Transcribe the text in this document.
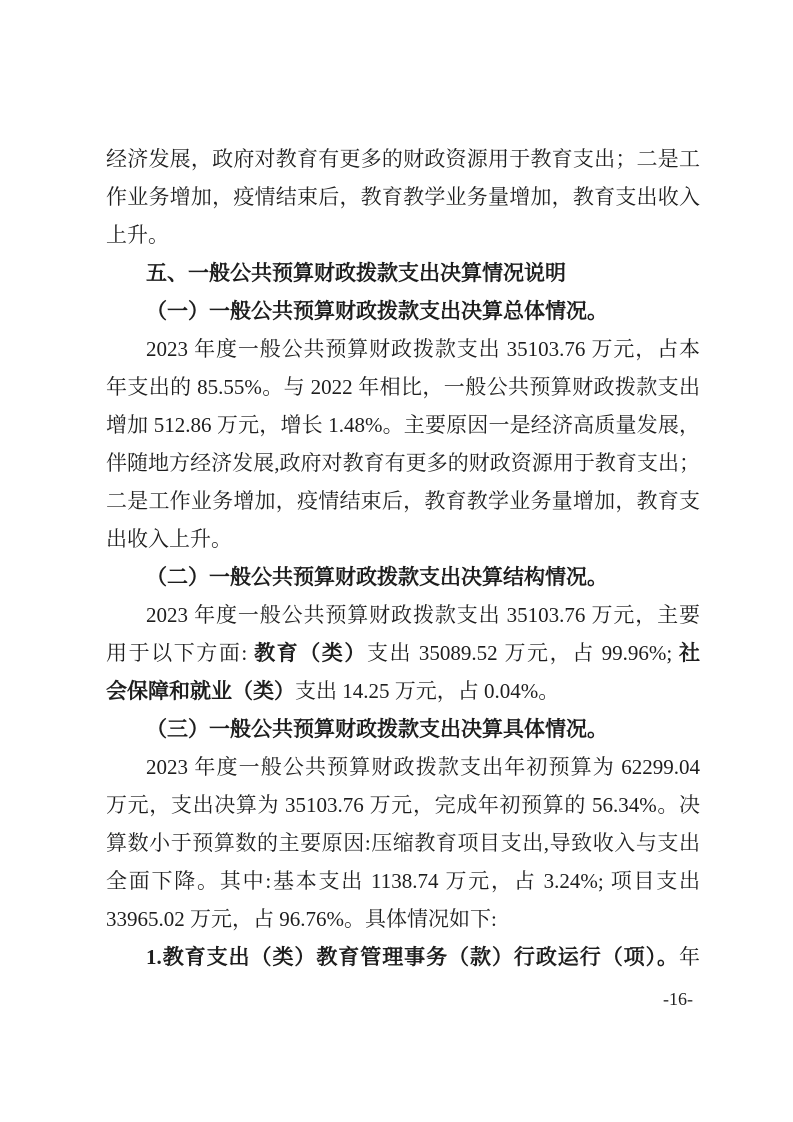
经济发展，政府对教育有更多的财政资源用于教育支出；二是工
作业务增加，疫情结束后，教育教学业务量增加，教育支出收入
上升。
五、一般公共预算财政拨款支出决算情况说明
（一）一般公共预算财政拨款支出决算总体情况。
2023 年度一般公共预算财政拨款支出 35103.76 万元，占本
年支出的 85.55%。与 2022 年相比，一般公共预算财政拨款支出
增加 512.86 万元，增长 1.48%。主要原因一是经济高质量发展，
伴随地方经济发展,政府对教育有更多的财政资源用于教育支出；
二是工作业务增加，疫情结束后，教育教学业务量增加，教育支
出收入上升。
（二）一般公共预算财政拨款支出决算结构情况。
2023 年度一般公共预算财政拨款支出 35103.76 万元，主要
用于以下方面: 教育（类）支出 35089.52 万元，占 99.96%; 社
会保障和就业（类）支出 14.25 万元，占 0.04%。
（三）一般公共预算财政拨款支出决算具体情况。
2023 年度一般公共预算财政拨款支出年初预算为 62299.04
万元，支出决算为 35103.76 万元，完成年初预算的 56.34%。决
算数小于预算数的主要原因:压缩教育项目支出,导致收入与支出
全面下降。其中:基本支出 1138.74 万元，占 3.24%; 项目支出
33965.02 万元，占 96.76%。具体情况如下:
1.教育支出（类）教育管理事务（款）行政运行（项）。年
-16-
